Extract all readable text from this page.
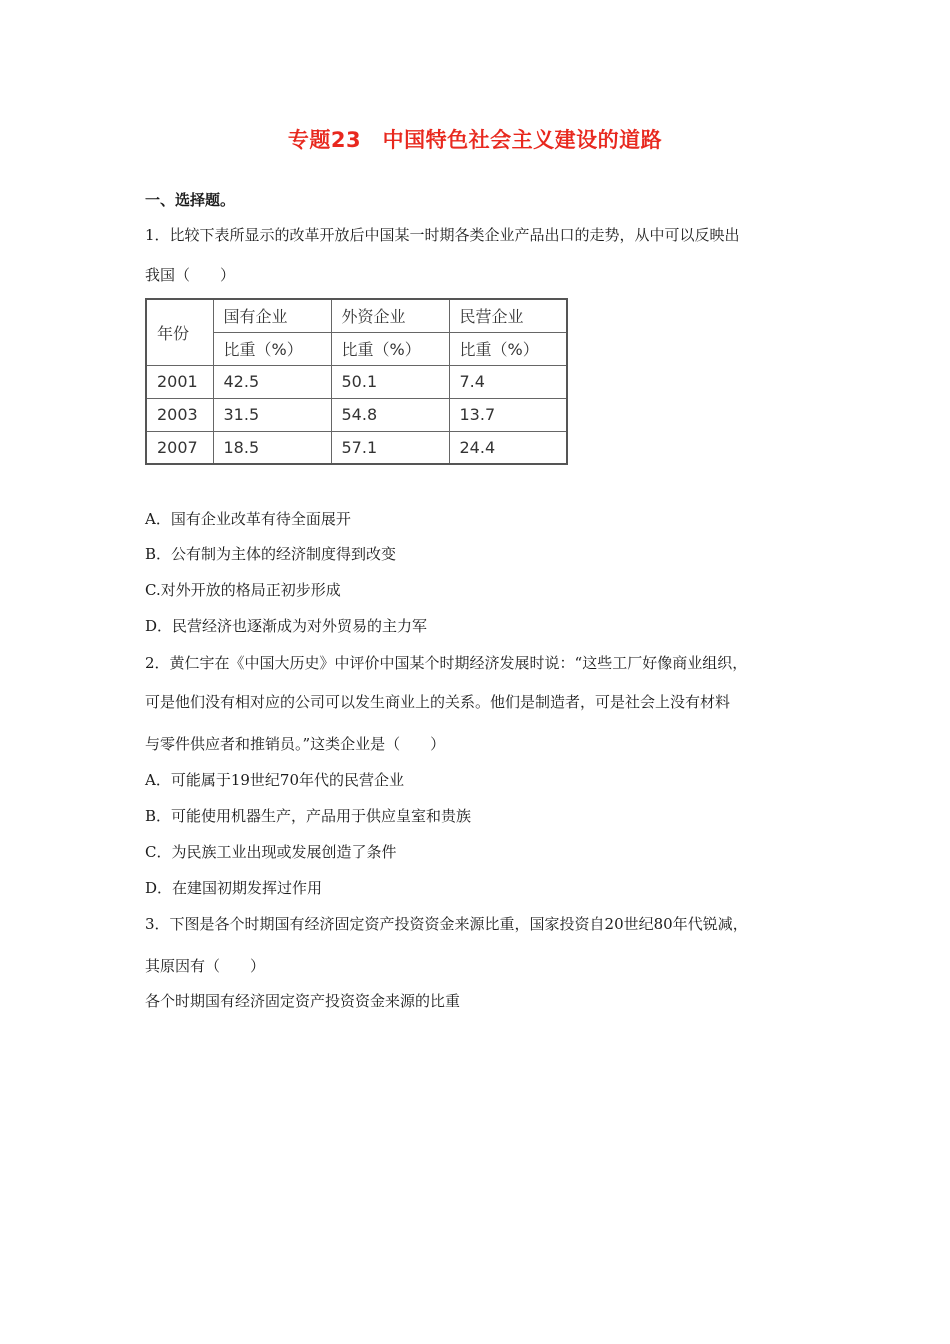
专题23　中国特色社会主义建设的道路
一、选择题。
1．比较下表所显示的改革开放后中国某一时期各类企业产品出口的走势，从中可以反映出
我国（　　）
年份	国有企业	外资企业	民营企业
	比重（%）	比重（%）	比重（%）
2001	42.5	50.1	7.4
2003	31.5	54.8	13.7
2007	18.5	57.1	24.4
A．国有企业改革有待全面展开
B．公有制为主体的经济制度得到改变
C.对外开放的格局正初步形成
D．民营经济也逐渐成为对外贸易的主力军
2．黄仁宇在《中国大历史》中评价中国某个时期经济发展时说：“这些工厂好像商业组织，
可是他们没有相对应的公司可以发生商业上的关系。他们是制造者，可是社会上没有材料
与零件供应者和推销员。”这类企业是（　　）
A．可能属于19世纪70年代的民营企业
B．可能使用机器生产，产品用于供应皇室和贵族
C．为民族工业出现或发展创造了条件
D．在建国初期发挥过作用
3．下图是各个时期国有经济固定资产投资资金来源比重，国家投资自20世纪80年代锐减，
其原因有（　　）
各个时期国有经济固定资产投资资金来源的比重
